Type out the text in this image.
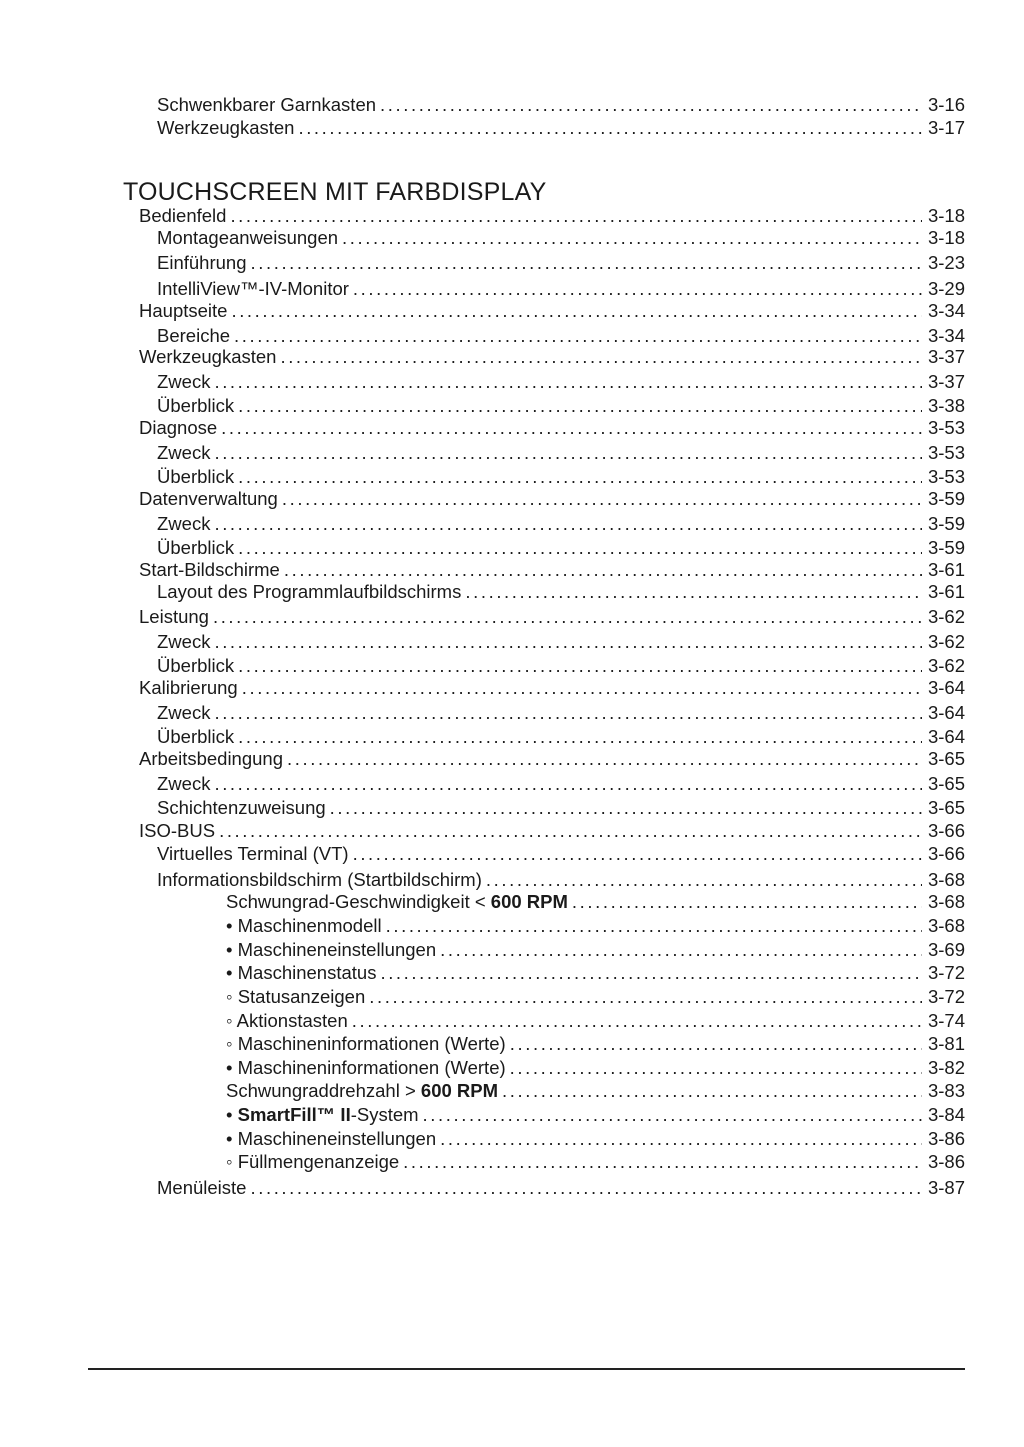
Schwenkbarer Garnkasten .....	3-16
Werkzeugkasten .....	3-17
TOUCHSCREEN MIT FARBDISPLAY
Bedienfeld .....	3-18
Montageanweisungen .....	3-18
Einführung .....	3-23
IntelliView™-IV-Monitor .....	3-29
Hauptseite .....	3-34
Bereiche .....	3-34
Werkzeugkasten .....	3-37
Zweck .....	3-37
Überblick .....	3-38
Diagnose .....	3-53
Zweck .....	3-53
Überblick .....	3-53
Datenverwaltung .....	3-59
Zweck .....	3-59
Überblick .....	3-59
Start-Bildschirme .....	3-61
Layout des Programmlaufbildschirms .....	3-61
Leistung .....	3-62
Zweck .....	3-62
Überblick .....	3-62
Kalibrierung .....	3-64
Zweck .....	3-64
Überblick .....	3-64
Arbeitsbedingung .....	3-65
Zweck .....	3-65
Schichtenzuweisung .....	3-65
ISO-BUS .....	3-66
Virtuelles Terminal (VT) .....	3-66
Informationsbildschirm (Startbildschirm) .....	3-68
Schwungrad-Geschwindigkeit < 600 RPM .....	3-68
• Maschinenmodell .....	3-68
• Maschineneinstellungen .....	3-69
• Maschinenstatus .....	3-72
◦ Statusanzeigen .....	3-72
◦ Aktionstasten .....	3-74
◦ Maschineninformationen (Werte) .....	3-81
• Maschineninformationen (Werte) .....	3-82
Schwungraddrehzahl > 600 RPM .....	3-83
• SmartFill™ II-System .....	3-84
• Maschineneinstellungen .....	3-86
◦ Füllmengenanzeige .....	3-86
Menüleiste .....	3-87
